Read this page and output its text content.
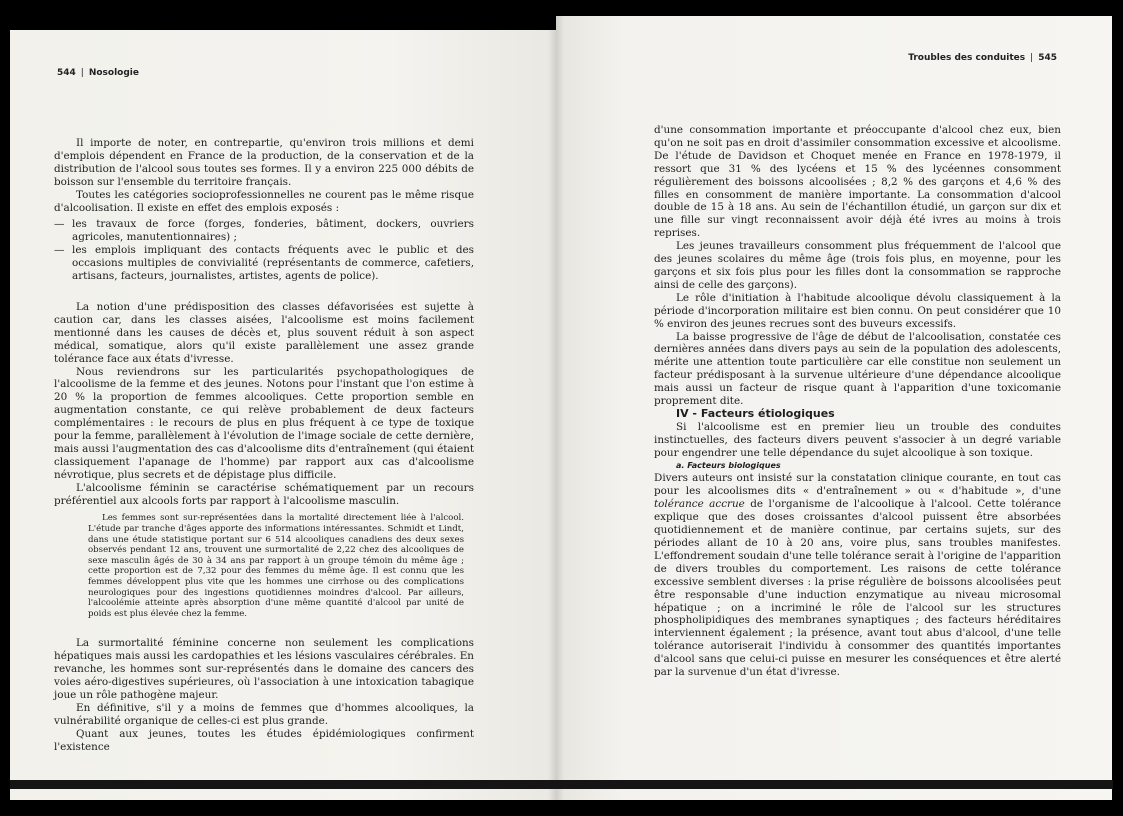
544 | Nosologie

Il importe de noter, en contrepartie, qu'environ trois millions et demi d'emplois dépendent en France de la production, de la conservation et de la distribution de l'alcool sous toutes ses formes. Il y a environ 225 000 débits de boisson sur l'ensemble du territoire français.

Toutes les catégories socioprofessionnelles ne courent pas le même risque d'alcoolisation. Il existe en effet des emplois exposés :

— les travaux de force (forges, fonderies, bâtiment, dockers, ouvriers agricoles, manutentionnaires) ;
— les emplois impliquant des contacts fréquents avec le public et des occasions multiples de convivialité (représentants de commerce, cafetiers, artisans, facteurs, journalistes, artistes, agents de police).

La notion d'une prédisposition des classes défavorisées est sujette à caution car, dans les classes aisées, l'alcoolisme est moins facilement mentionné dans les causes de décès et, plus souvent réduit à son aspect médical, somatique, alors qu'il existe parallèlement une assez grande tolérance face aux états d'ivresse.

Nous reviendrons sur les particularités psychopathologiques de l'alcoolisme de la femme et des jeunes. Notons pour l'instant que l'on estime à 20 % la proportion de femmes alcooliques. Cette proportion semble en augmentation constante, ce qui relève probablement de deux facteurs complémentaires : le recours de plus en plus fréquent à ce type de toxique pour la femme, parallèlement à l'évolution de l'image sociale de cette dernière, mais aussi l'augmentation des cas d'alcoolisme dits d'entraînement (qui étaient classiquement l'apanage de l'homme) par rapport aux cas d'alcoolisme névrotique, plus secrets et de dépistage plus difficile.

L'alcoolisme féminin se caractérise schématiquement par un recours préférentiel aux alcools forts par rapport à l'alcoolisme masculin.

Les femmes sont sur-représentées dans la mortalité directement liée à l'alcool. L'étude par tranche d'âges apporte des informations intéressantes. Schmidt et Lindt, dans une étude statistique portant sur 6 514 alcooliques canadiens des deux sexes observés pendant 12 ans, trouvent une surmortalité de 2,22 chez des alcooliques de sexe masculin âgés de 30 à 34 ans par rapport à un groupe témoin du même âge ; cette proportion est de 7,32 pour des femmes du même âge. Il est connu que les femmes développent plus vite que les hommes une cirrhose ou des complications neurologiques pour des ingestions quotidiennes moindres d'alcool. Par ailleurs, l'alcoolémie atteinte après absorption d'une même quantité d'alcool par unité de poids est plus élevée chez la femme.

La surmortalité féminine concerne non seulement les complications hépatiques mais aussi les cardopathies et les lésions vasculaires cérébrales. En revanche, les hommes sont sur-représentés dans le domaine des cancers des voies aéro-digestives supérieures, où l'association à une intoxication tabagique joue un rôle pathogène majeur.

En définitive, s'il y a moins de femmes que d'hommes alcooliques, la vulnérabilité organique de celles-ci est plus grande.

Quant aux jeunes, toutes les études épidémiologiques confirment l'existence

Troubles des conduites | 545

d'une consommation importante et préoccupante d'alcool chez eux, bien qu'on ne soit pas en droit d'assimiler consommation excessive et alcoolisme. De l'étude de Davidson et Choquet menée en France en 1978-1979, il ressort que 31 % des lycéens et 15 % des lycéennes consomment régulièrement des boissons alcoolisées ; 8,2 % des garçons et 4,6 % des filles en consomment de manière importante. La consommation d'alcool double de 15 à 18 ans. Au sein de l'échantillon étudié, un garçon sur dix et une fille sur vingt reconnaissent avoir déjà été ivres au moins à trois reprises.

Les jeunes travailleurs consomment plus fréquemment de l'alcool que des jeunes scolaires du même âge (trois fois plus, en moyenne, pour les garçons et six fois plus pour les filles dont la consommation se rapproche ainsi de celle des garçons).

Le rôle d'initiation à l'habitude alcoolique dévolu classiquement à la période d'incorporation militaire est bien connu. On peut considérer que 10 % environ des jeunes recrues sont des buveurs excessifs.

La baisse progressive de l'âge de début de l'alcoolisation, constatée ces dernières années dans divers pays au sein de la population des adolescents, mérite une attention toute particulière car elle constitue non seulement un facteur prédisposant à la survenue ultérieure d'une dépendance alcoolique mais aussi un facteur de risque quant à l'apparition d'une toxicomanie proprement dite.

IV - Facteurs étiologiques

Si l'alcoolisme est en premier lieu un trouble des conduites instinctuelles, des facteurs divers peuvent s'associer à un degré variable pour engendrer une telle dépendance du sujet alcoolique à son toxique.

a. Facteurs biologiques

Divers auteurs ont insisté sur la constatation clinique courante, en tout cas pour les alcoolismes dits « d'entraînement » ou « d'habitude », d'une tolérance accrue de l'organisme de l'alcoolique à l'alcool. Cette tolérance explique que des doses croissantes d'alcool puissent être absorbées quotidiennement et de manière continue, par certains sujets, sur des périodes allant de 10 à 20 ans, voire plus, sans troubles manifestes. L'effondrement soudain d'une telle tolérance serait à l'origine de l'apparition de divers troubles du comportement. Les raisons de cette tolérance excessive semblent diverses : la prise régulière de boissons alcoolisées peut être responsable d'une induction enzymatique au niveau microsomal hépatique ; on a incriminé le rôle de l'alcool sur les structures phospholipidiques des membranes synaptiques ; des facteurs héréditaires interviennent également ; la présence, avant tout abus d'alcool, d'une telle tolérance autoriserait l'individu à consommer des quantités importantes d'alcool sans que celui-ci puisse en mesurer les conséquences et être alerté par la survenue d'un état d'ivresse.
